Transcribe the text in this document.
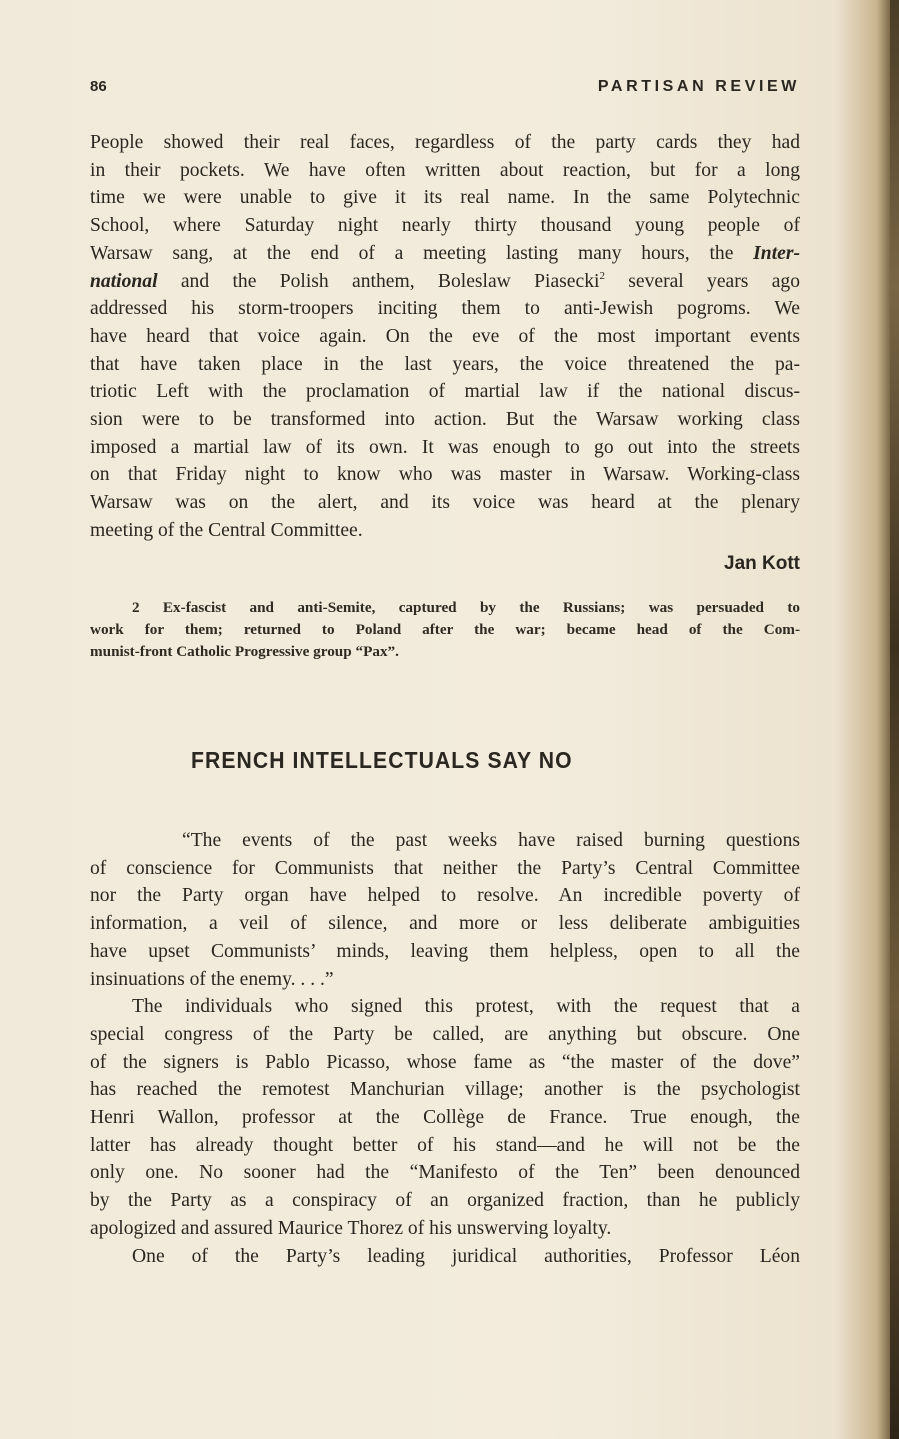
86	PARTISAN REVIEW

People showed their real faces, regardless of the party cards they had
in their pockets. We have often written about reaction, but for a long
time we were unable to give it its real name. In the same Polytechnic
School, where Saturday night nearly thirty thousand young people of
Warsaw sang, at the end of a meeting lasting many hours, the Inter-
national and the Polish anthem, Boleslaw Piasecki$^2$ several years ago
addressed his storm-troopers inciting them to anti-Jewish pogroms. We
have heard that voice again. On the eve of the most important events
that have taken place in the last years, the voice threatened the pa-
triotic Left with the proclamation of martial law if the national discus-
sion were to be transformed into action. But the Warsaw working class
imposed a martial law of its own. It was enough to go out into the streets
on that Friday night to know who was master in Warsaw. Working-class
Warsaw was on the alert, and its voice was heard at the plenary
meeting of the Central Committee.

Jan Kott
2 Ex-fascist and anti-Semite, captured by the Russians; was persuaded to
work for them; returned to Poland after the war; became head of the Com-
munist-front Catholic Progressive group “Pax”.
FRENCH INTELLECTUALS SAY NO

“The events of the past weeks have raised burning questions
of conscience for Communists that neither the Party’s Central Committee
nor the Party organ have helped to resolve. An incredible poverty of
information, a veil of silence, and more or less deliberate ambiguities
have upset Communists’ minds, leaving them helpless, open to all the
insinuations of the enemy. . . .”

The individuals who signed this protest, with the request that a
special congress of the Party be called, are anything but obscure. One
of the signers is Pablo Picasso, whose fame as “the master of the dove”
has reached the remotest Manchurian village; another is the psychologist
Henri Wallon, professor at the Collège de France. True enough, the
latter has already thought better of his stand—and he will not be the
only one. No sooner had the “Manifesto of the Ten” been denounced
by the Party as a conspiracy of an organized fraction, than he publicly
apologized and assured Maurice Thorez of his unswerving loyalty.

One of the Party’s leading juridical authorities, Professor Léon
